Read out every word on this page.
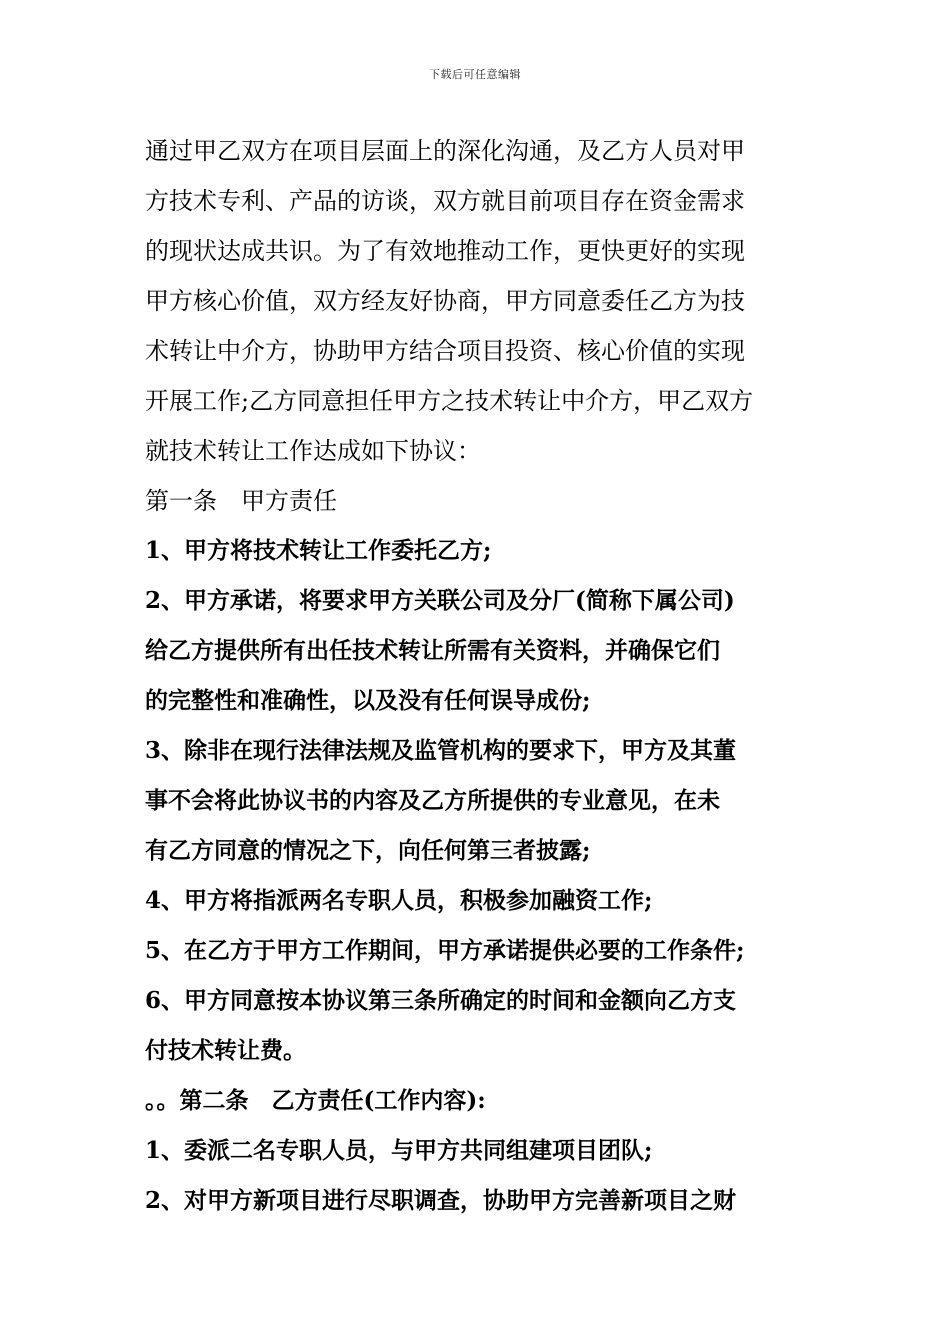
下载后可任意编辑
通过甲乙双方在项目层面上的深化沟通，及乙方人员对甲
方技术专利、产品的访谈，双方就目前项目存在资金需求
的现状达成共识。为了有效地推动工作，更快更好的实现
甲方核心价值，双方经友好协商，甲方同意委任乙方为技
术转让中介方，协助甲方结合项目投资、核心价值的实现
开展工作;乙方同意担任甲方之技术转让中介方，甲乙双方
就技术转让工作达成如下协议：
第一条　甲方责任
1、甲方将技术转让工作委托乙方;
2、甲方承诺，将要求甲方关联公司及分厂(简称下属公司)
给乙方提供所有出任技术转让所需有关资料，并确保它们
的完整性和准确性，以及没有任何误导成份;
3、除非在现行法律法规及监管机构的要求下，甲方及其董
事不会将此协议书的内容及乙方所提供的专业意见，在未
有乙方同意的情况之下，向任何第三者披露;
4、甲方将指派两名专职人员，积极参加融资工作;
5、在乙方于甲方工作期间，甲方承诺提供必要的工作条件;
6、甲方同意按本协议第三条所确定的时间和金额向乙方支
付技术转让费。
。。第二条　乙方责任(工作内容):
1、委派二名专职人员，与甲方共同组建项目团队;
2、对甲方新项目进行尽职调查，协助甲方完善新项目之财
